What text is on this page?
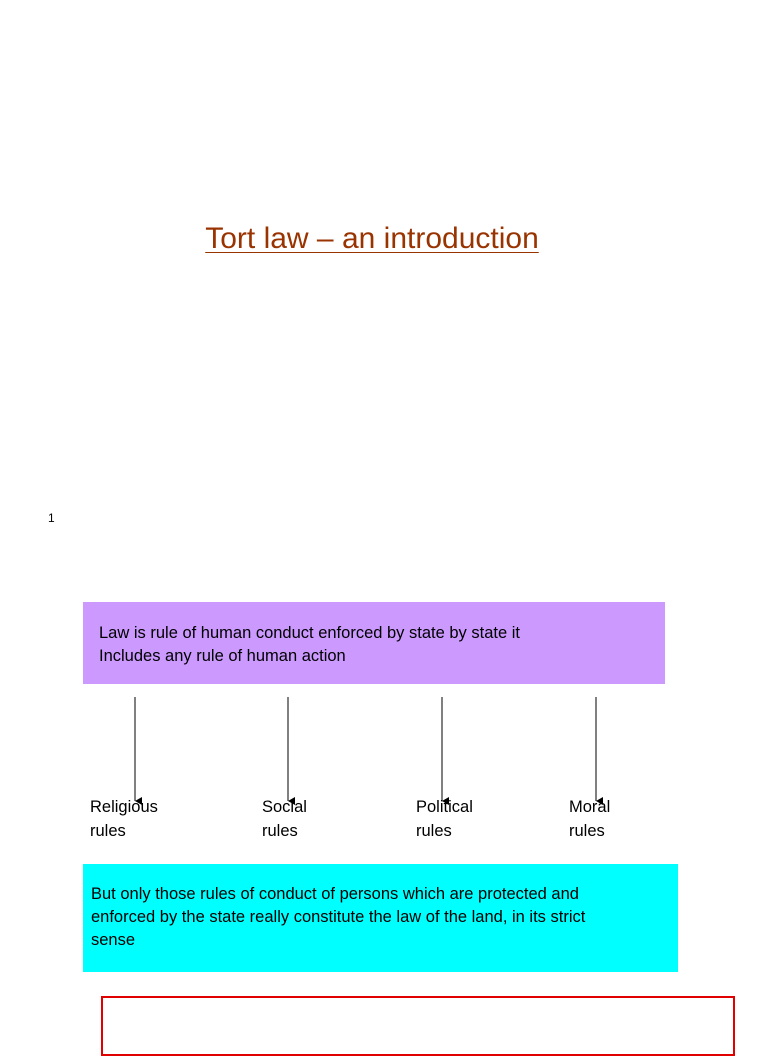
Tort law – an introduction
1
Law is rule of human conduct enforced by state by state it
Includes any rule of human action
Religious
rules
Social
rules
Political
rules
Moral
rules
But only those rules of conduct of persons which are protected and
enforced by the state really constitute the law of the land, in its strict
sense
